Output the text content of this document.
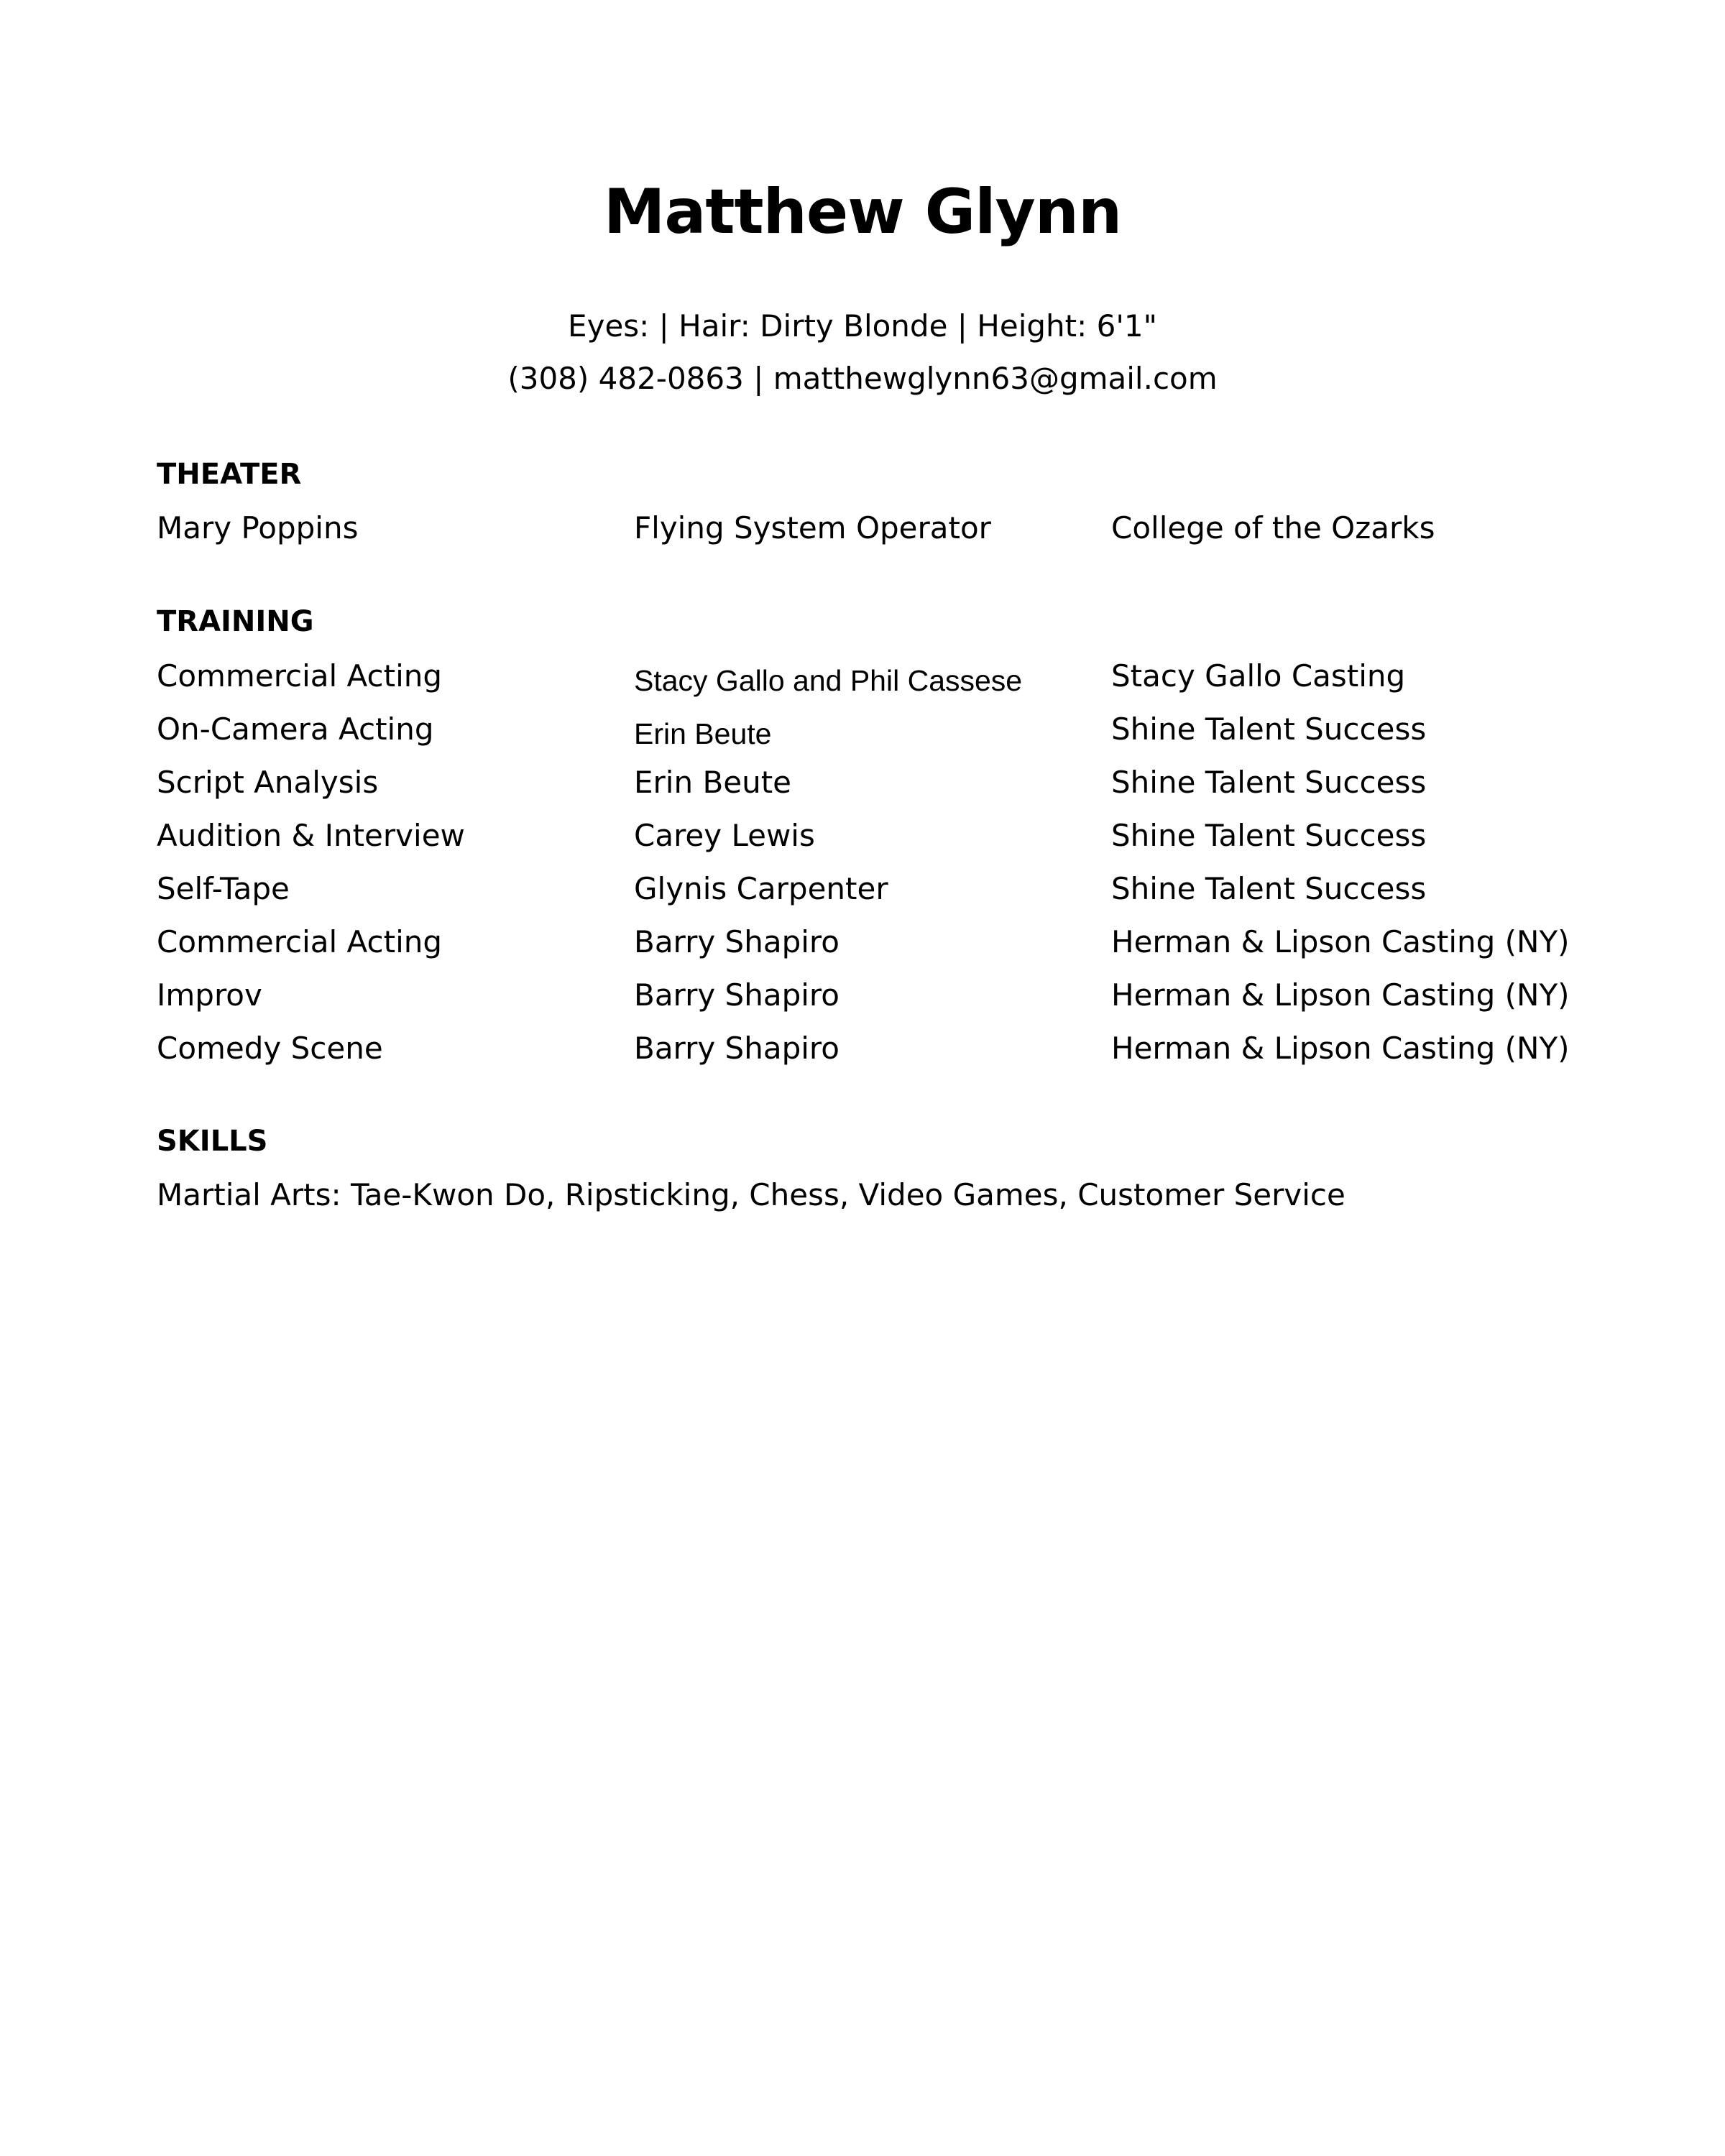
Matthew Glynn
Eyes: | Hair: Dirty Blonde | Height: 6'1"
(308) 482-0863 | matthewglynn63@gmail.com
THEATER
Mary Poppins	Flying System Operator	College of the Ozarks
TRAINING
Commercial Acting	Stacy Gallo and Phil Cassese	Stacy Gallo Casting
On-Camera Acting	Erin Beute	Shine Talent Success
Script Analysis	Erin Beute	Shine Talent Success
Audition & Interview	Carey Lewis	Shine Talent Success
Self-Tape	Glynis Carpenter	Shine Talent Success
Commercial Acting	Barry Shapiro	Herman & Lipson Casting (NY)
Improv	Barry Shapiro	Herman & Lipson Casting (NY)
Comedy Scene	Barry Shapiro	Herman & Lipson Casting (NY)
SKILLS
Martial Arts: Tae-Kwon Do, Ripsticking, Chess, Video Games, Customer Service
